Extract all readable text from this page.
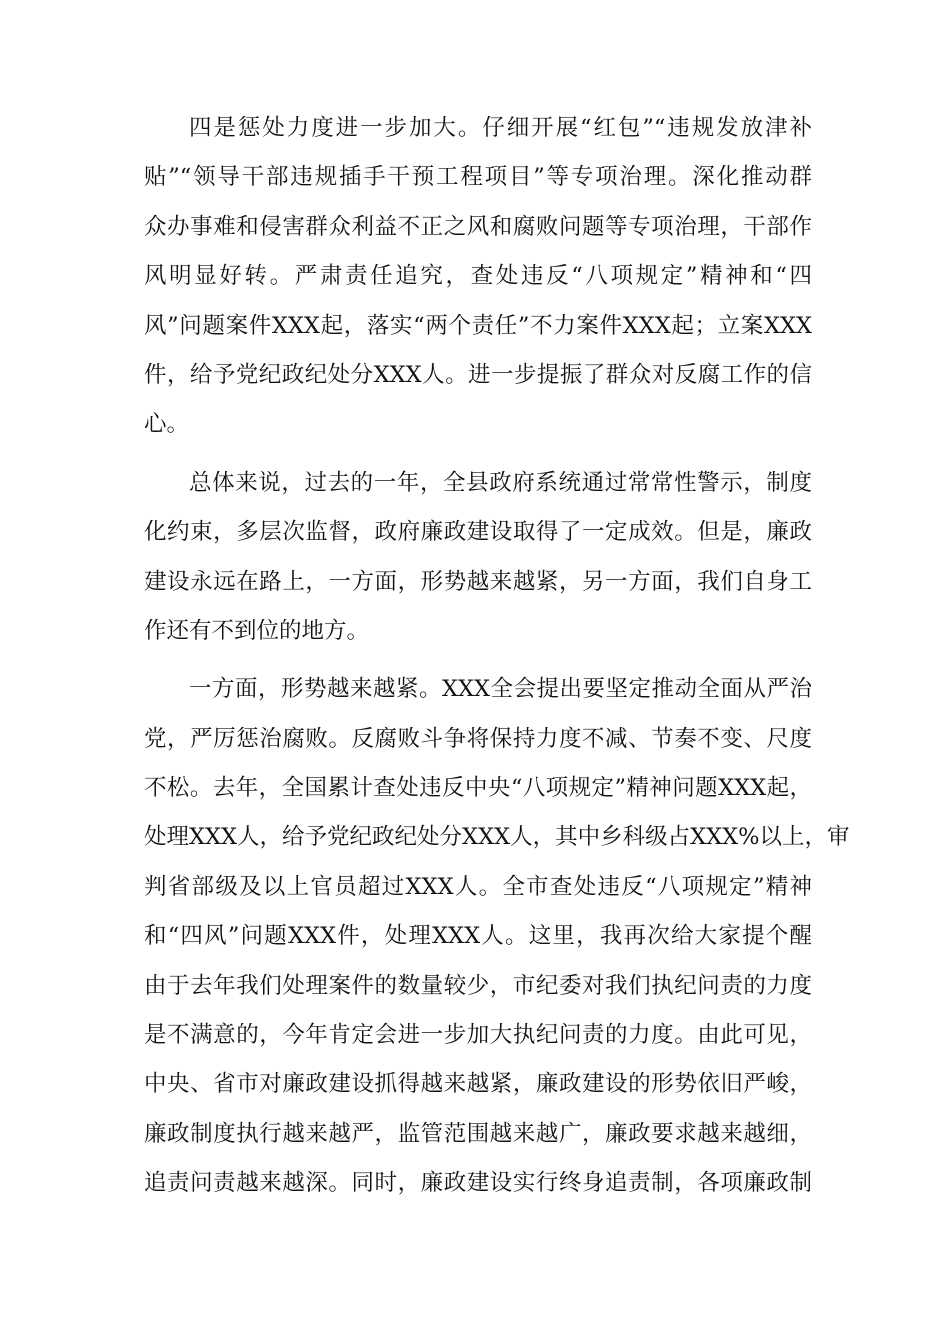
四是惩处力度进一步加大。仔细开展“红包”“违规发放津补
贴”“领导干部违规插手干预工程项目”等专项治理。深化推动群
众办事难和侵害群众利益不正之风和腐败问题等专项治理，干部作
风明显好转。严肃责任追究，查处违反“八项规定”精神和“四
风”问题案件XXX起，落实“两个责任”不力案件XXX起；立案XXX
件，给予党纪政纪处分XXX人。进一步提振了群众对反腐工作的信
心。
总体来说，过去的一年，全县政府系统通过常常性警示，制度
化约束，多层次监督，政府廉政建设取得了一定成效。但是，廉政
建设永远在路上，一方面，形势越来越紧，另一方面，我们自身工
作还有不到位的地方。
一方面，形势越来越紧。XXX全会提出要坚定推动全面从严治
党，严厉惩治腐败。反腐败斗争将保持力度不减、节奏不变、尺度
不松。去年，全国累计查处违反中央“八项规定”精神问题XXX起，
处理XXX人，给予党纪政纪处分XXX人，其中乡科级占XXX%以上，审
判省部级及以上官员超过XXX人。全市查处违反“八项规定”精神
和“四风”问题XXX件，处理XXX人。这里，我再次给大家提个醒
由于去年我们处理案件的数量较少，市纪委对我们执纪问责的力度
是不满意的，今年肯定会进一步加大执纪问责的力度。由此可见，
中央、省市对廉政建设抓得越来越紧，廉政建设的形势依旧严峻，
廉政制度执行越来越严，监管范围越来越广，廉政要求越来越细，
追责问责越来越深。同时，廉政建设实行终身追责制，各项廉政制
